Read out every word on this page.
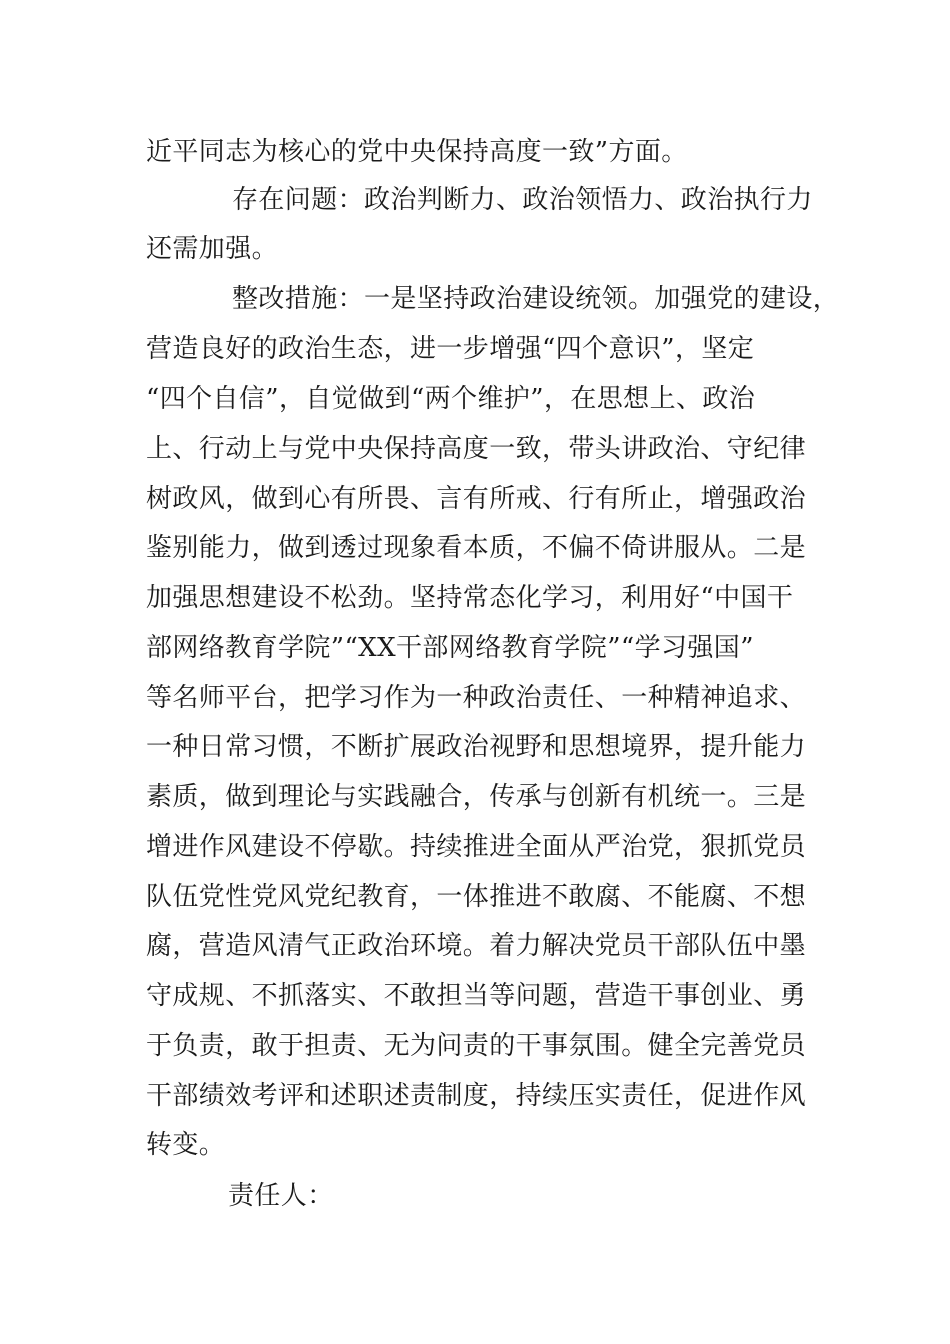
近平同志为核心的党中央保持高度一致”方面。
存在问题：政治判断力、政治领悟力、政治执行力
还需加强。
整改措施：一是坚持政治建设统领。加强党的建设，
营造良好的政治生态，进一步增强“四个意识”，坚定
“四个自信”，自觉做到“两个维护”，在思想上、政治
上、行动上与党中央保持高度一致，带头讲政治、守纪律
树政风，做到心有所畏、言有所戒、行有所止，增强政治
鉴别能力，做到透过现象看本质，不偏不倚讲服从。二是
加强思想建设不松劲。坚持常态化学习，利用好“中国干
部网络教育学院”“XX干部网络教育学院”“学习强国”
等名师平台，把学习作为一种政治责任、一种精神追求、
一种日常习惯，不断扩展政治视野和思想境界，提升能力
素质，做到理论与实践融合，传承与创新有机统一。三是
增进作风建设不停歇。持续推进全面从严治党，狠抓党员
队伍党性党风党纪教育，一体推进不敢腐、不能腐、不想
腐，营造风清气正政治环境。着力解决党员干部队伍中墨
守成规、不抓落实、不敢担当等问题，营造干事创业、勇
于负责，敢于担责、无为问责的干事氛围。健全完善党员
干部绩效考评和述职述责制度，持续压实责任，促进作风
转变。
责任人：
